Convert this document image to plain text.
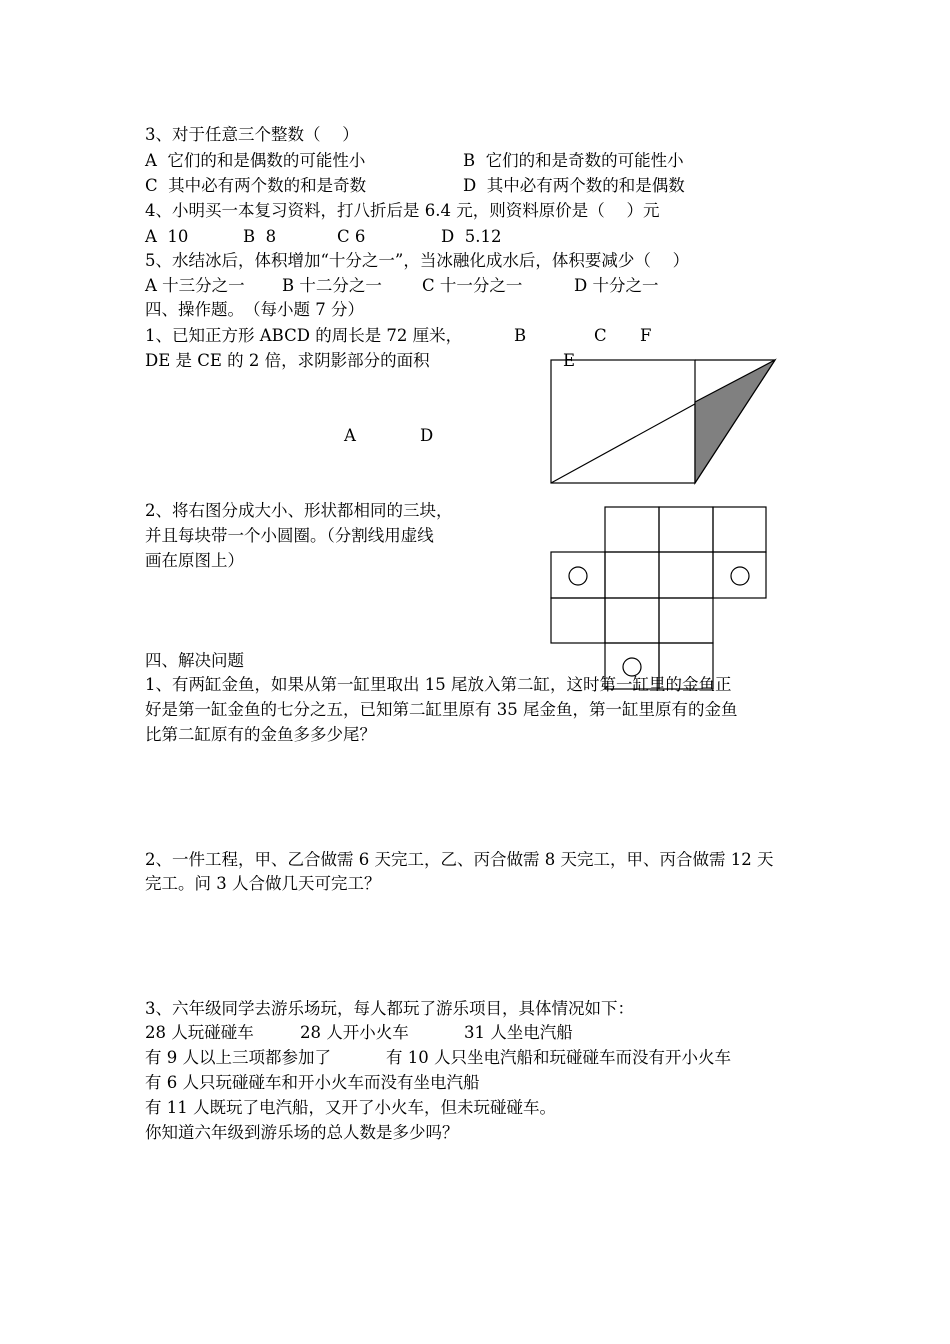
3、对于任意三个整数（　 ）
A  它们的和是偶数的可能性小	B  它们的和是奇数的可能性小
C  其中必有两个数的和是奇数	D  其中必有两个数的和是偶数
4、小明买一本复习资料，打八折后是 6.4 元，则资料原价是（　 ）元
A  10	B  8	C 6	D  5.12
5、水结冰后，体积增加“十分之一”，当冰融化成水后，体积要减少（　 ）
A 十三分之一 B 十二分之一 C 十一分之一	D 十分之一
四、操作题。　（每小题 7 分）
1、已知正方形 ABCD 的周长是 72 厘米，
DE 是 CE 的 2 倍，求阴影部分的面积
B	C F
E
A	D
2、将右图分成大小、形状都相同的三块，
并且每块带一个小圆圈。（分割线用虚线
画在原图上）
四、解决问题
1、有两缸金鱼，如果从第一缸里取出 15 尾放入第二缸，这时第一缸里的金鱼正
好是第一缸金鱼的七分之五，已知第二缸里原有 35 尾金鱼，第一缸里原有的金鱼
比第二缸原有的金鱼多多少尾？
2、一件工程，甲、乙合做需 6 天完工，乙、丙合做需 8 天完工，甲、丙合做需 12 天
完工。问 3 人合做几天可完工？
3、六年级同学去游乐场玩，每人都玩了游乐项目，具体情况如下：
28 人玩碰碰车	28 人开小火车	31 人坐电汽船
有 9 人以上三项都参加了	有 10 人只坐电汽船和玩碰碰车而没有开小火车
有 6 人只玩碰碰车和开小火车而没有坐电汽船
有 11 人既玩了电汽船，又开了小火车，但未玩碰碰车。
你知道六年级到游乐场的总人数是多少吗？
